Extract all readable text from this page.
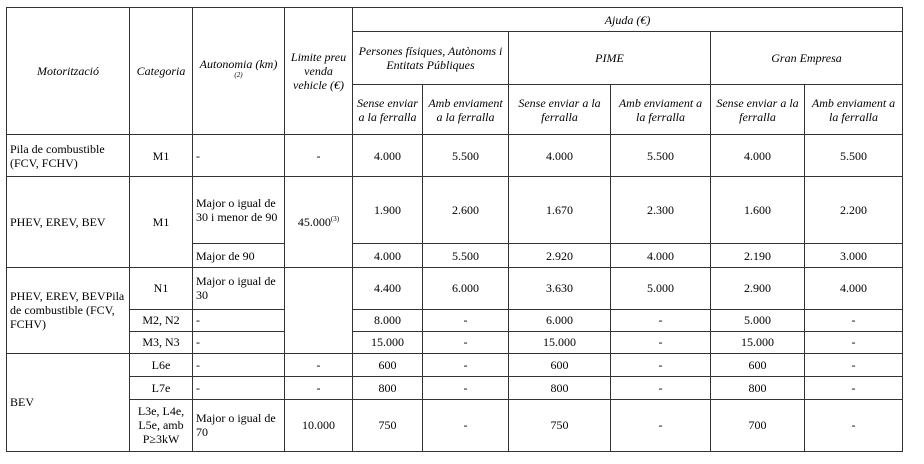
Motorització	Categoria	Autonomia (km) $^{(2)}$	Limite preu venda vehicle (€)	Ajuda (€)					
				Persones físiques, Autònoms i Entitats Públiques		PIME		Gran Empresa	
				Sense enviar a la ferralla	Amb enviament a la ferralla	Sense enviar a la ferralla	Amb enviament a la ferralla	Sense enviar a la ferralla	Amb enviament a la ferralla
Pila de combustible (FCV, FCHV)	M1	-	-	4.000	5.500	4.000	5.500	4.000	5.500
PHEV, EREV, BEV	M1	Major o igual de 30 i menor de 90	45.000$^{(3)}$	1.900	2.600	1.670	2.300	1.600	2.200
		Major de 90		4.000	5.500	2.920	4.000	2.190	3.000
PHEV, EREV, BEVPila de combustible (FCV, FCHV)	N1	Major o igual de 30		4.400	6.000	3.630	5.000	2.900	4.000
	M2, N2	-		8.000	-	6.000	-	5.000	-
	M3, N3	-		15.000	-	15.000	-	15.000	-
BEV	L6e	-	-	600	-	600	-	600	-
	L7e	-	-	800	-	800	-	800	-
	L3e, L4e, L5e, amb P≥3kW	Major o igual de 70	10.000	750	-	750	-	700	-
